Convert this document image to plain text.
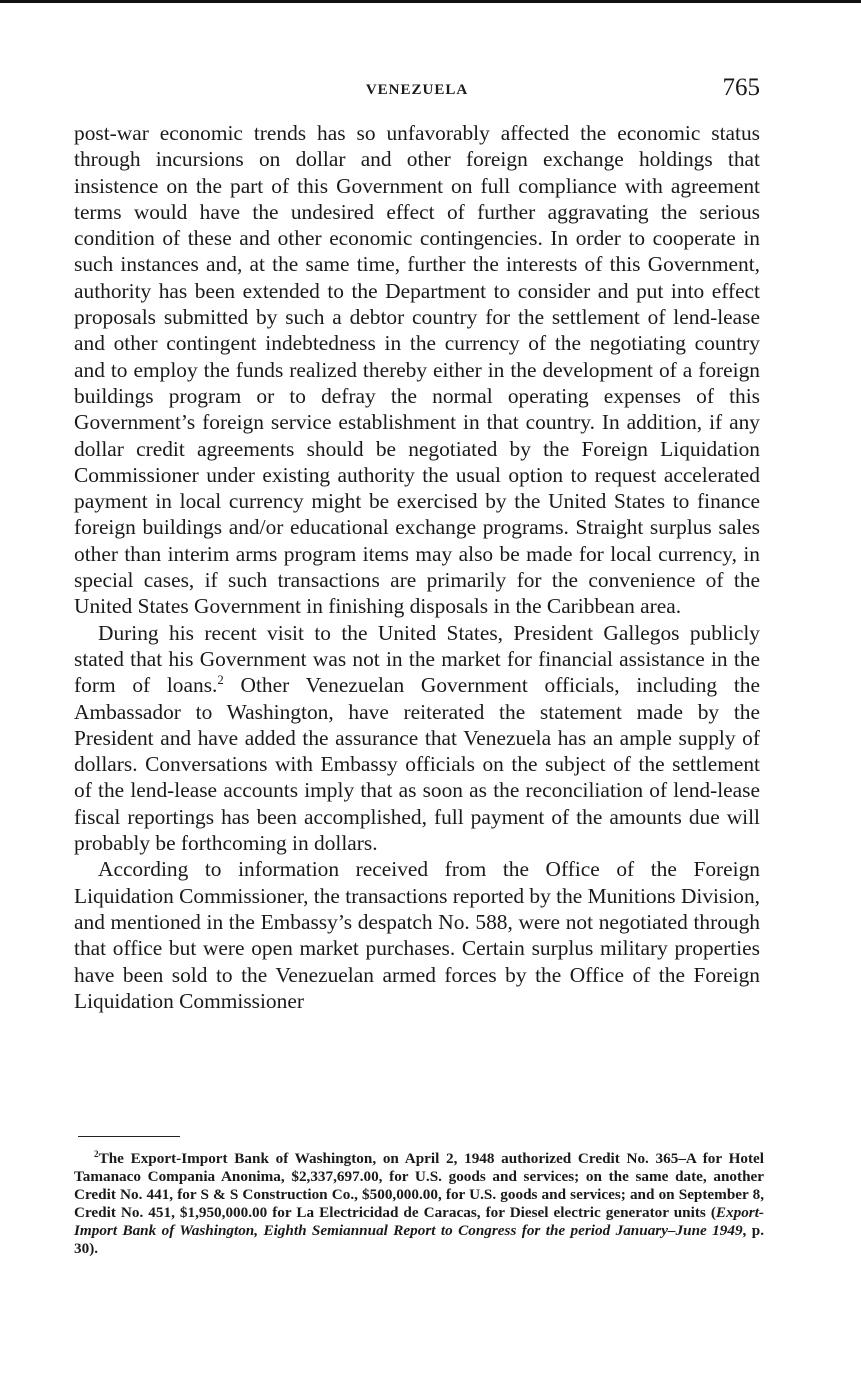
VENEZUELA	765

post-war economic trends has so unfavorably affected the economic status through incursions on dollar and other foreign exchange holdings that insistence on the part of this Government on full compliance with agreement terms would have the undesired effect of further aggravating the serious condition of these and other economic contingencies. In order to cooperate in such instances and, at the same time, further the interests of this Government, authority has been extended to the Department to consider and put into effect proposals submitted by such a debtor country for the settlement of lend-lease and other contingent indebtedness in the currency of the negotiating country and to employ the funds realized thereby either in the development of a foreign buildings program or to defray the normal operating expenses of this Government’s foreign service establishment in that country. In addition, if any dollar credit agreements should be negotiated by the Foreign Liquidation Commissioner under existing authority the usual option to request accelerated payment in local currency might be exercised by the United States to finance foreign buildings and/or educational exchange programs. Straight surplus sales other than interim arms program items may also be made for local currency, in special cases, if such transactions are primarily for the convenience of the United States Government in finishing disposals in the Caribbean area.

During his recent visit to the United States, President Gallegos publicly stated that his Government was not in the market for financial assistance in the form of loans.$^2$ Other Venezuelan Government officials, including the Ambassador to Washington, have reiterated the statement made by the President and have added the assurance that Venezuela has an ample supply of dollars. Conversations with Embassy officials on the subject of the settlement of the lend-lease accounts imply that as soon as the reconciliation of lend-lease fiscal reportings has been accomplished, full payment of the amounts due will probably be forthcoming in dollars.

According to information received from the Office of the Foreign Liquidation Commissioner, the transactions reported by the Munitions Division, and mentioned in the Embassy’s despatch No. 588, were not negotiated through that office but were open market purchases. Certain surplus military properties have been sold to the Venezuelan armed forces by the Office of the Foreign Liquidation Commissioner

$^2$The Export-Import Bank of Washington, on April 2, 1948 authorized Credit No. 365–A for Hotel Tamanaco Compania Anonima, $2,337,697.00, for U.S. goods and services; on the same date, another Credit No. 441, for S & S Construction Co., $500,000.00, for U.S. goods and services; and on September 8, Credit No. 451, $1,950,000.00 for La Electricidad de Caracas, for Diesel electric generator units (Export-Import Bank of Washington, Eighth Semiannual Report to Congress for the period January–June 1949, p. 30).
